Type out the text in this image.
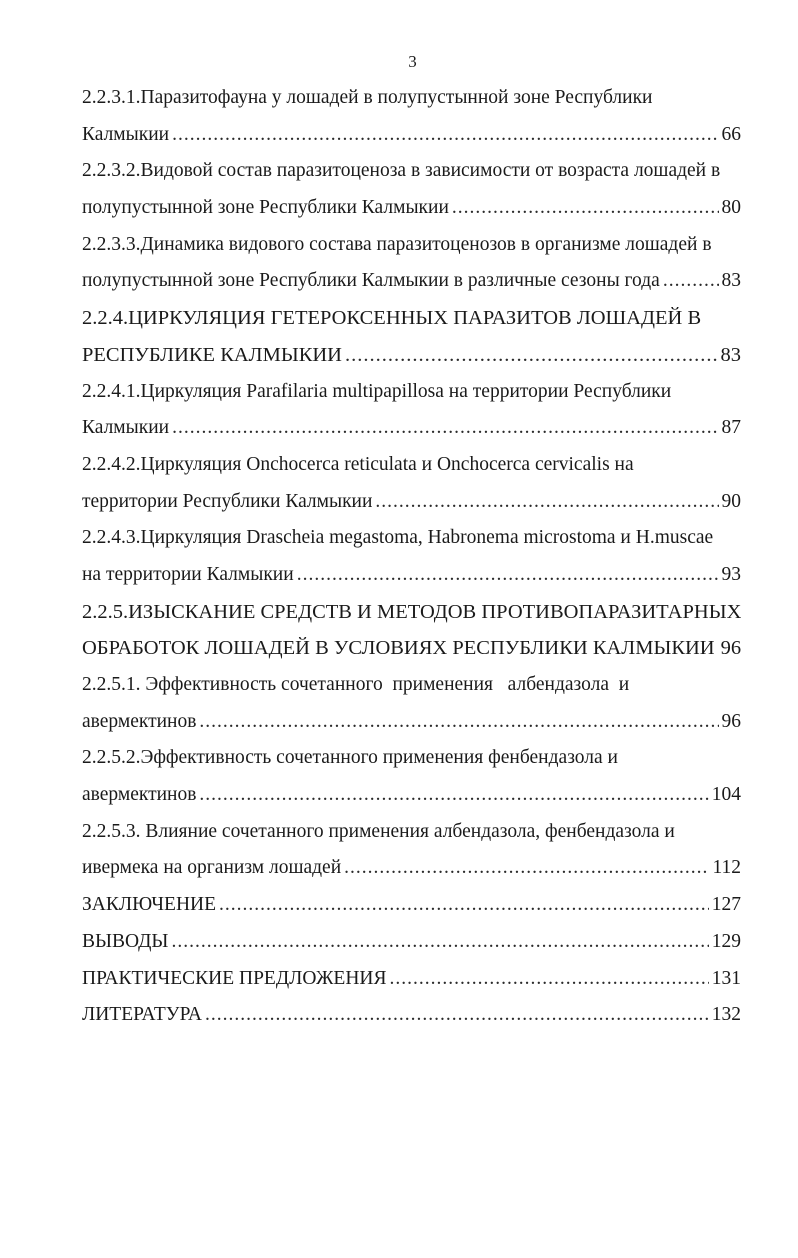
3
2.2.3.1.Паразитофауна у лошадей в полупустынной зоне Республики
Калмыкии .....	66
2.2.3.2.Видовой состав паразитоценоза в зависимости от возраста лошадей в
полупустынной зоне Республики Калмыкии .....	80
2.2.3.3.Динамика видового состава паразитоценозов в организме лошадей в
полупустынной зоне Республики Калмыкии в различные сезоны года .....	83
2.2.4.ЦИРКУЛЯЦИЯ ГЕТЕРОКСЕННЫХ ПАРАЗИТОВ ЛОШАДЕЙ В
РЕСПУБЛИКЕ КАЛМЫКИИ .....	83
2.2.4.1.Циркуляция Parafilaria multipapillosa на территории Республики
Калмыкии .....	87
2.2.4.2.Циркуляция Onchocerca reticulata и Onchocerca cervicalis на
территории Республики Калмыкии .....	90
2.2.4.3.Циркуляция Drascheia megastoma, Habronema microstoma и H.muscae
на территории Калмыкии .....	93
2.2.5.ИЗЫСКАНИЕ СРЕДСТВ И МЕТОДОВ ПРОТИВОПАРАЗИТАРНЫХ
ОБРАБОТОК ЛОШАДЕЙ В УСЛОВИЯХ РЕСПУБЛИКИ КАЛМЫКИИ 96
2.2.5.1. Эффективность сочетанного  применения   албендазола  и
авермектинов .....	96
2.2.5.2.Эффективность сочетанного применения фенбендазола и
авермектинов .....	104
2.2.5.3. Влияние сочетанного применения албендазола, фенбендазола и
ивермека на организм лошадей .....	112
ЗАКЛЮЧЕНИЕ .....	127
ВЫВОДЫ .....	129
ПРАКТИЧЕСКИЕ ПРЕДЛОЖЕНИЯ .....	131
ЛИТЕРАТУРА .....	132
